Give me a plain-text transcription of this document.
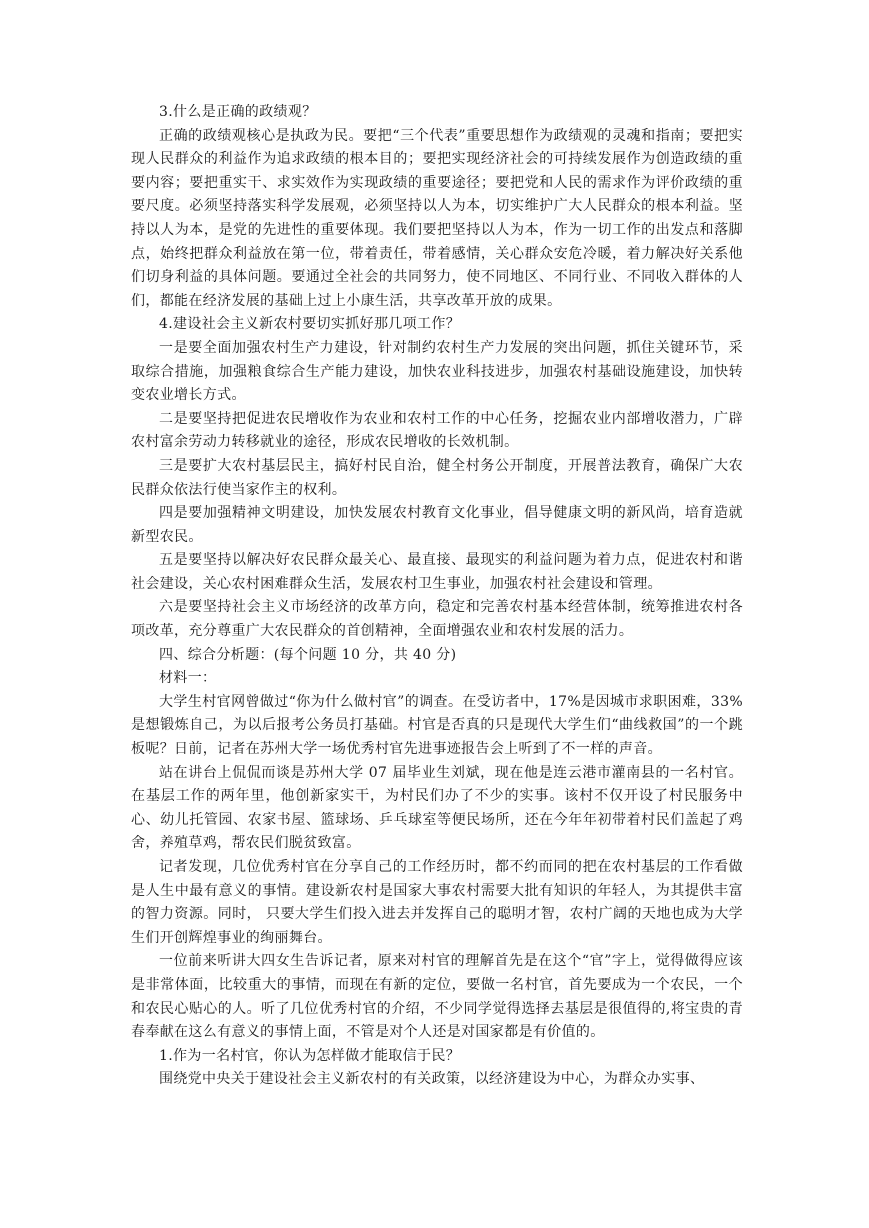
3.什么是正确的政绩观？

正确的政绩观核心是执政为民。要把“三个代表”重要思想作为政绩观的灵魂和指南；要把实现人民群众的利益作为追求政绩的根本目的；要把实现经济社会的可持续发展作为创造政绩的重要内容；要把重实干、求实效作为实现政绩的重要途径；要把党和人民的需求作为评价政绩的重要尺度。必须坚持落实科学发展观，必须坚持以人为本，切实维护广大人民群众的根本利益。坚持以人为本，是党的先进性的重要体现。我们要把坚持以人为本，作为一切工作的出发点和落脚点，始终把群众利益放在第一位，带着责任，带着感情，关心群众安危冷暖，着力解决好关系他们切身利益的具体问题。要通过全社会的共同努力，使不同地区、不同行业、不同收入群体的人们，都能在经济发展的基础上过上小康生活，共享改革开放的成果。

4.建设社会主义新农村要切实抓好那几项工作？

一是要全面加强农村生产力建设，针对制约农村生产力发展的突出问题，抓住关键环节，采取综合措施，加强粮食综合生产能力建设，加快农业科技进步，加强农村基础设施建设，加快转变农业增长方式。

二是要坚持把促进农民增收作为农业和农村工作的中心任务，挖掘农业内部增收潜力，广辟农村富余劳动力转移就业的途径，形成农民增收的长效机制。

三是要扩大农村基层民主，搞好村民自治，健全村务公开制度，开展普法教育，确保广大农民群众依法行使当家作主的权利。

四是要加强精神文明建设，加快发展农村教育文化事业，倡导健康文明的新风尚，培育造就新型农民。

五是要坚持以解决好农民群众最关心、最直接、最现实的利益问题为着力点，促进农村和谐社会建设，关心农村困难群众生活，发展农村卫生事业，加强农村社会建设和管理。

六是要坚持社会主义市场经济的改革方向，稳定和完善农村基本经营体制，统筹推进农村各项改革，充分尊重广大农民群众的首创精神，全面增强农业和农村发展的活力。

四、综合分析题：(每个问题 10 分，共 40 分)

材料一：

大学生村官网曾做过“你为什么做村官”的调查。在受访者中，17%是因城市求职困难，33%是想锻炼自己，为以后报考公务员打基础。村官是否真的只是现代大学生们“曲线救国”的一个跳板呢？日前，记者在苏州大学一场优秀村官先进事迹报告会上听到了不一样的声音。

站在讲台上侃侃而谈是苏州大学 07 届毕业生刘斌，现在他是连云港市灌南县的一名村官。在基层工作的两年里，他创新家实干，为村民们办了不少的实事。该村不仅开设了村民服务中心、幼儿托管园、农家书屋、篮球场、乒乓球室等便民场所，还在今年年初带着村民们盖起了鸡舍，养殖草鸡，帮农民们脱贫致富。

记者发现，几位优秀村官在分享自己的工作经历时，都不约而同的把在农村基层的工作看做是人生中最有意义的事情。建设新农村是国家大事农村需要大批有知识的年轻人，为其提供丰富的智力资源。同时， 只要大学生们投入进去并发挥自己的聪明才智，农村广阔的天地也成为大学生们开创辉煌事业的绚丽舞台。

一位前来听讲大四女生告诉记者，原来对村官的理解首先是在这个“官”字上，觉得做得应该是非常体面，比较重大的事情，而现在有新的定位，要做一名村官，首先要成为一个农民，一个和农民心贴心的人。听了几位优秀村官的介绍，不少同学觉得选择去基层是很值得的,将宝贵的青春奉献在这么有意义的事情上面，不管是对个人还是对国家都是有价值的。

1.作为一名村官，你认为怎样做才能取信于民？

围绕党中央关于建设社会主义新农村的有关政策，以经济建设为中心，为群众办实事、
